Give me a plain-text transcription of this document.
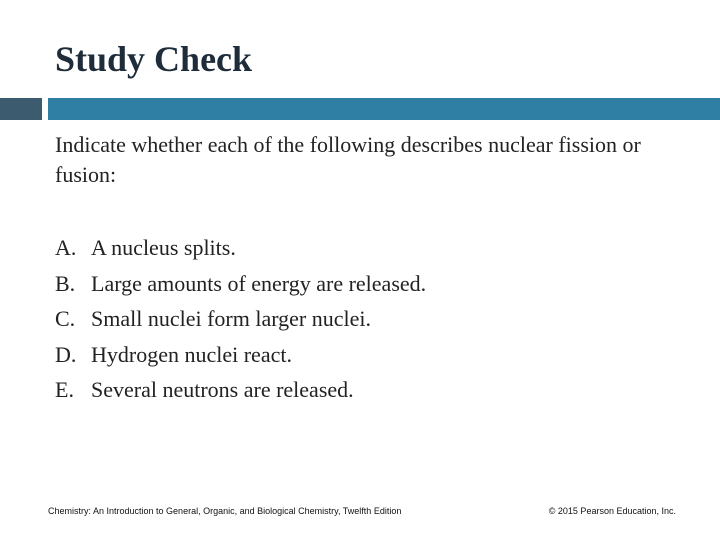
Study Check

Indicate whether each of the following describes nuclear fission or fusion:

A. A nucleus splits.
B. Large amounts of energy are released.
C. Small nuclei form larger nuclei.
D. Hydrogen nuclei react.
E. Several neutrons are released.
Chemistry: An Introduction to General, Organic, and Biological Chemistry, Twelfth Edition	© 2015 Pearson Education, Inc.
